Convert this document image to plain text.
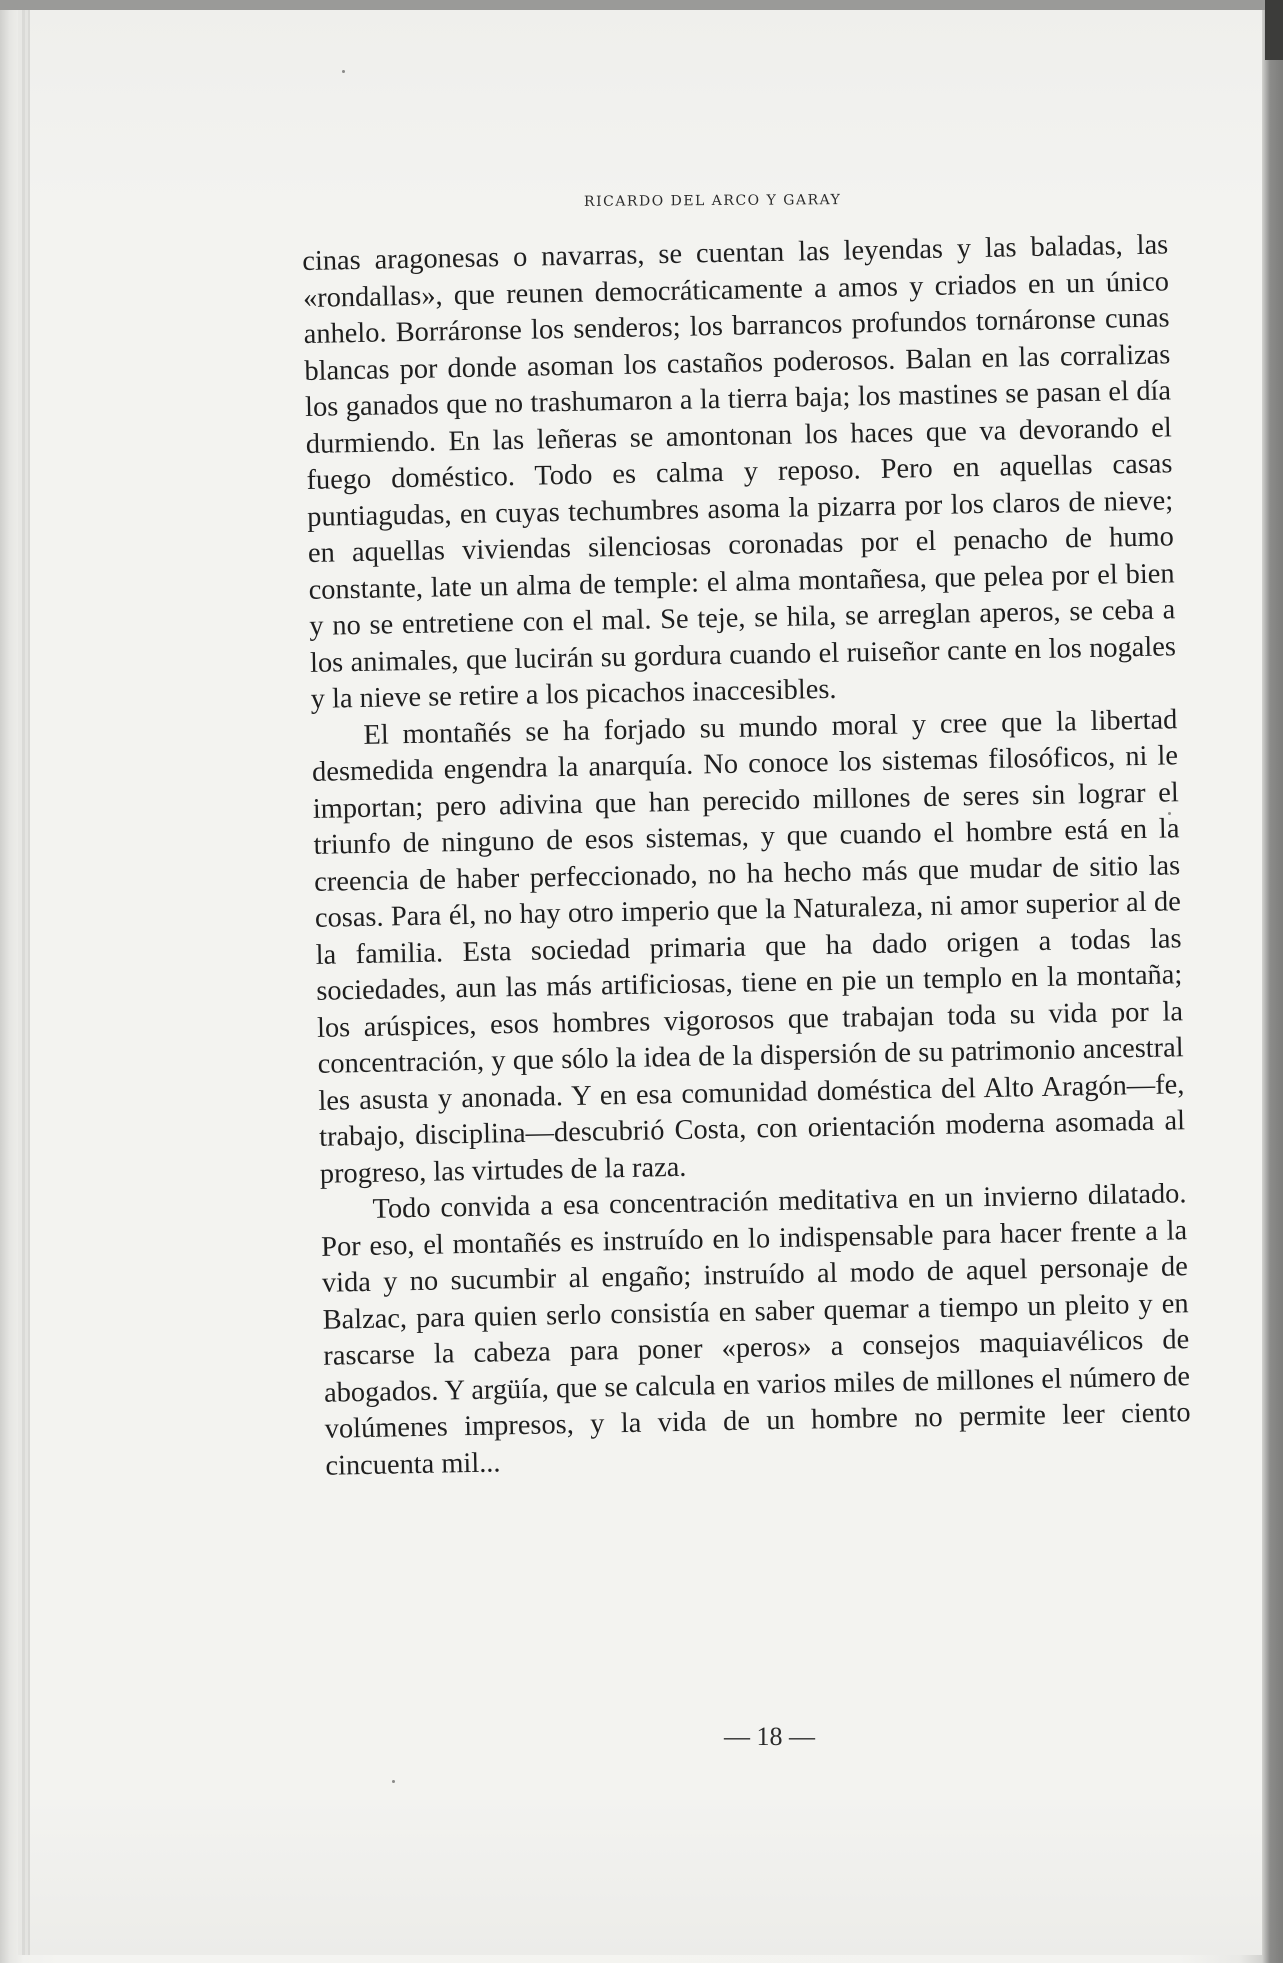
RICARDO DEL ARCO Y GARAY

cinas aragonesas o navarras, se cuentan las leyendas y las baladas, las «rondallas», que reunen democráticamente a amos y criados en un único anhelo. Borráronse los senderos; los barrancos profundos tornáronse cunas blancas por donde asoman los castaños poderosos. Balan en las corralizas los ganados que no trashumaron a la tierra baja; los mastines se pasan el día durmiendo. En las leñeras se amontonan los haces que va devorando el fuego doméstico. Todo es calma y reposo. Pero en aquellas casas puntiagudas, en cuyas techumbres asoma la pizarra por los claros de nieve; en aquellas viviendas silenciosas coronadas por el penacho de humo constante, late un alma de temple: el alma montañesa, que pelea por el bien y no se entretiene con el mal. Se teje, se hila, se arreglan aperos, se ceba a los animales, que lucirán su gordura cuando el ruiseñor cante en los nogales y la nieve se retire a los picachos inaccesibles.

El montañés se ha forjado su mundo moral y cree que la libertad desmedida engendra la anarquía. No conoce los sistemas filosóficos, ni le importan; pero adivina que han perecido millones de seres sin lograr el triunfo de ninguno de esos sistemas, y que cuando el hombre está en la creencia de haber perfeccionado, no ha hecho más que mudar de sitio las cosas. Para él, no hay otro imperio que la Naturaleza, ni amor superior al de la familia. Esta sociedad primaria que ha dado origen a todas las sociedades, aun las más artificiosas, tiene en pie un templo en la montaña; los arúspices, esos hombres vigorosos que trabajan toda su vida por la concentración, y que sólo la idea de la dispersión de su patrimonio ancestral les asusta y anonada. Y en esa comunidad doméstica del Alto Aragón—fe, trabajo, disciplina—descubrió Costa, con orientación moderna asomada al progreso, las virtudes de la raza.

Todo convida a esa concentración meditativa en un invierno dilatado. Por eso, el montañés es instruído en lo indispensable para hacer frente a la vida y no sucumbir al engaño; instruído al modo de aquel personaje de Balzac, para quien serlo consistía en saber quemar a tiempo un pleito y en rascarse la cabeza para poner «peros» a consejos maquiavélicos de abogados. Y argüía, que se calcula en varios miles de millones el número de volúmenes impresos, y la vida de un hombre no permite leer ciento cincuenta mil...

— 18 —
